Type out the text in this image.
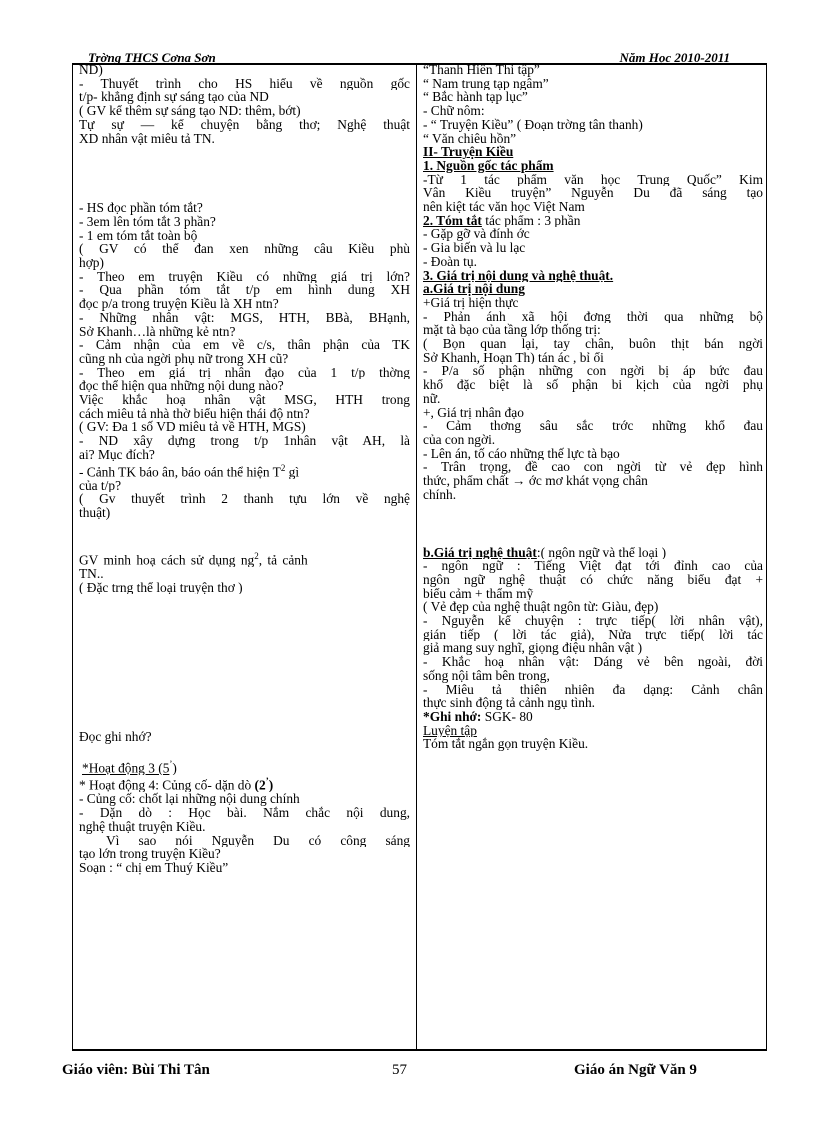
Trờng THCS Cơna Sơn	Năm Học 2010-2011
ND)
- Thuyết trình cho HS hiểu về nguồn gốc
t/p- khẳng định sự sáng tạo của ND
( GV kể thêm sự sáng tạo ND: thêm, bớt)
Tự sự — kể chuyện bằng thơ; Nghệ thuật
XD nhân vật miêu tả TN.
- HS đọc phần tóm tắt?
- 3em lên tóm tắt 3 phần?
- 1 em tóm tắt toàn bộ
( GV có thể đan xen những câu Kiều phù
hợp)
- Theo em truyện Kiều có những giá trị lớn?
- Qua phần tóm tắt t/p em hình dung XH
đọc p/a trong truyện Kiều là XH ntn?
- Những nhân vật: MGS, HTH, BBà, BHạnh,
Sở Khanh…là những kẻ ntn?
- Cảm nhận của em về c/s, thân phận của TK
cũng nh của ngời phụ nữ trong XH cũ?
- Theo em giá trị nhân đạo của 1 t/p thờng
đọc thể hiện qua những nội dung nào?
Việc khắc hoạ nhân vật MSG, HTH trong
cách miêu tả nhà thờ biểu hiện thái độ ntn?
( GV: Đa 1 số VD miêu tả về HTH, MGS)
- ND xây dựng trong t/p 1nhân vật AH, là
ai? Mục đích?
- Cảnh TK báo ân, báo oán thể hiện $T^2$ gì
của t/p?
( Gv thuyết trình 2 thanh tựu lớn về nghệ
thuật)
GV minh hoạ cách sử dụng $ng^2$, tả cảnh
TN..
( Đặc trng thể loại truyện thơ )
Đọc ghi nhớ?
*Hoạt động 3 (5’)
* Hoạt động 4: Củng cố- dặn dò (2’)
- Củng cố: chốt lại những nội dung chính
- Dặn dò : Học bài. Nắm chắc nội dung,
nghệ thuật truyện Kiều.
Vì sao nói Nguyễn Du có công sáng
tạo lớn trong truyện Kiều?
Soạn : “ chị em Thuý Kiều”
“Thanh Hiên Thi tập”
“ Nam trung tạp ngâm”
“ Bắc hành tạp lục”
- Chữ nôm:
- “ Truyện Kiều” ( Đoạn trờng tân thanh)
“ Văn chiêu hồn”
II- Truyện Kiều
1. Nguồn gốc tác phẩm
-Từ 1 tác phẩm văn học Trung Quốc” Kim
Vân Kiều truyện” Nguyễn Du đã sáng tạo
nên kiệt tác văn học Việt Nam
2. Tóm tắt tác phẩm : 3 phần
- Gặp gỡ và đính ớc
- Gia biến và lu lạc
- Đoàn tụ.
3. Giá trị nội dung và nghệ thuật.
a.Giá trị nội dung
+Giá trị hiện thực
- Phản ánh xã hội đơng thời qua những bộ
mặt tà bạo của tầng lớp thống trị:
( Bọn quan lại, tay chân, buôn thịt bán ngời
Sở Khanh, Hoạn Th) tán ác , bỉ ổi
- P/a số phận những con ngời bị áp bức đau
khổ đặc biệt là số phận bi kịch của ngời phụ
nữ.
+, Giá trị nhân đạo
- Cảm thơng sâu sắc trớc những khổ đau
của con ngời.
- Lên án, tố cáo những thế lực tà bạo
- Trân trọng, đề cao con ngời từ vẻ đẹp hình
thức, phẩm chất → ớc mơ khát vọng chân
chính.
b.Giá trị nghệ thuật:( ngôn ngữ và thể loại )
- ngôn ngữ : Tiếng Việt đạt tới đỉnh cao của
ngôn ngữ nghệ thuật có chức năng biểu đạt +
biểu cảm + thẩm mỹ
( Vẻ đẹp của nghệ thuật ngôn từ: Giàu, đẹp)
- Nguyễn kể chuyện : trực tiếp( lời nhân vật),
gián tiếp ( lời tác giả), Nửa trực tiếp( lời tác
giả mang suy nghĩ, giọng điệu nhân vật )
- Khắc hoạ nhân vật: Dáng vẻ bên ngoài, đời
sống nội tâm bên trong,
- Miêu tả thiên nhiên đa dạng: Cảnh chân
thực sinh động tả cảnh ngụ tình.
*Ghi nhớ: SGK- 80
Luyện tập
Tóm tắt ngắn gọn truyện Kiều.
Giáo viên: Bùi Thi Tân	57	Giáo án Ngữ Văn 9
